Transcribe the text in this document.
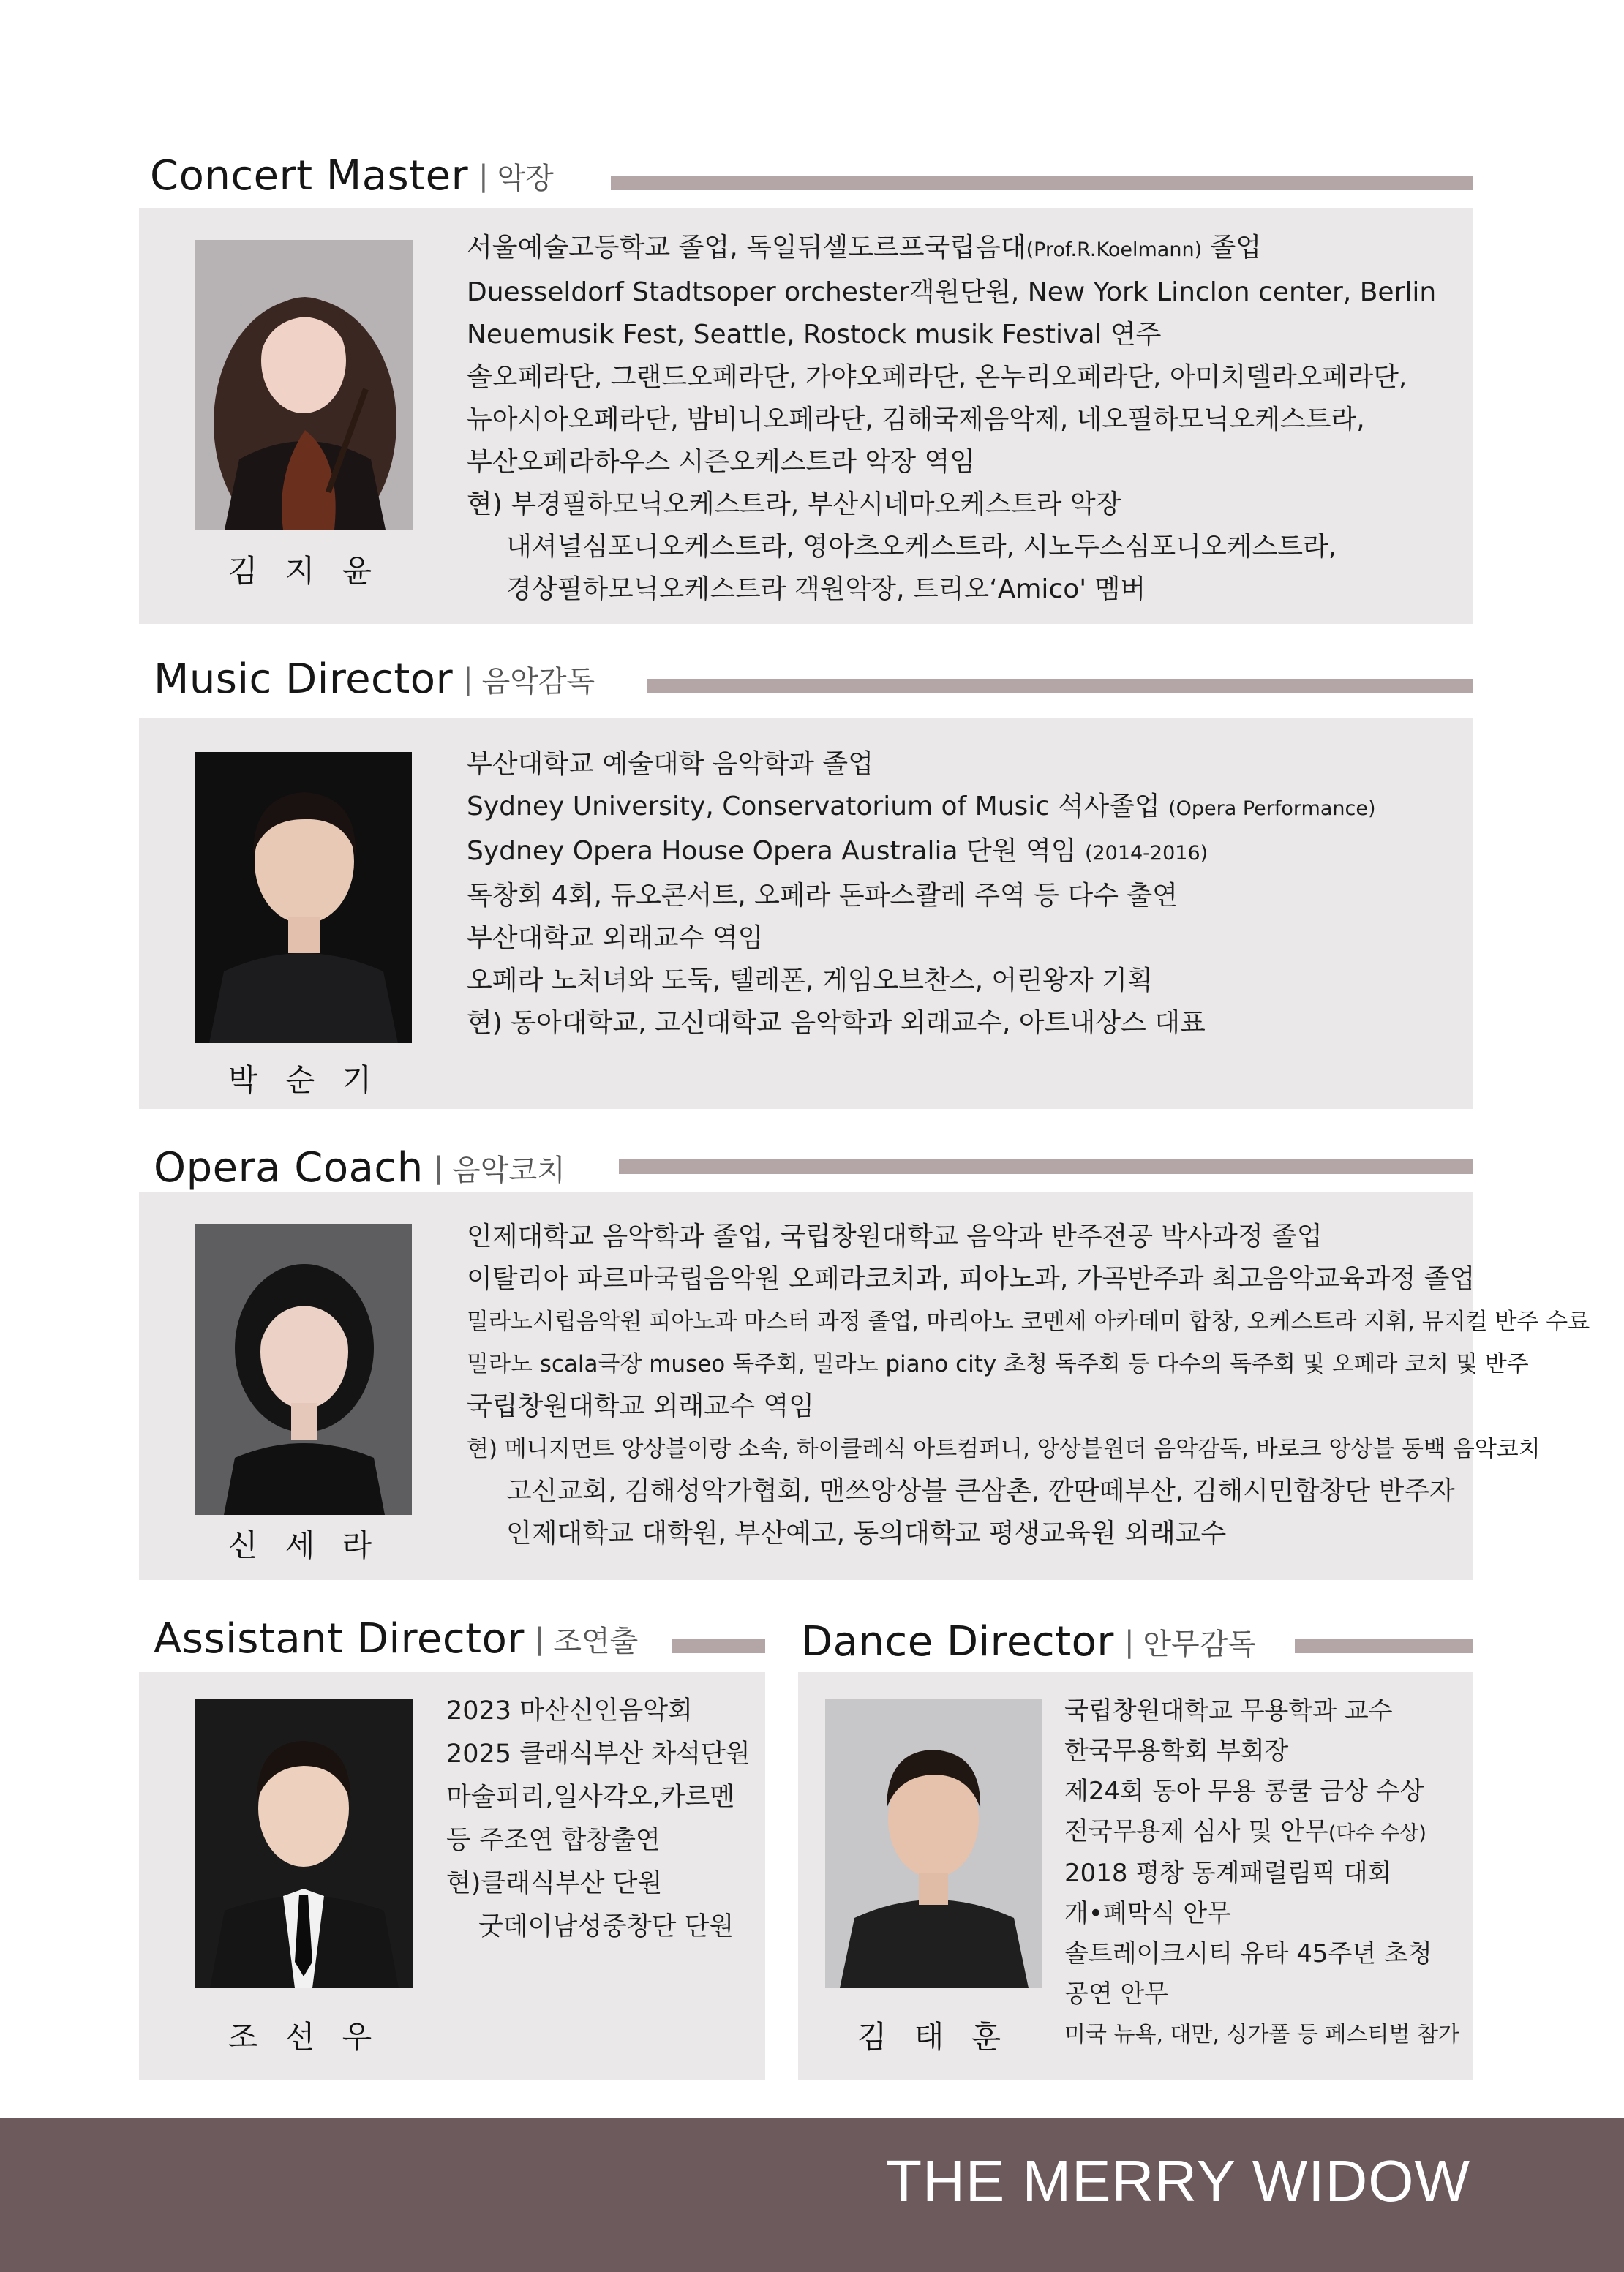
Concert Master | 악장
김 지 윤
서울예술고등학교 졸업, 독일뒤셀도르프국립음대(Prof.R.Koelmann) 졸업
Duesseldorf Stadtsoper orchester객원단원, New York Linclon center, Berlin
Neuemusik Fest, Seattle, Rostock musik Festival 연주
솔오페라단, 그랜드오페라단, 가야오페라단, 온누리오페라단, 아미치델라오페라단,
뉴아시아오페라단, 밤비니오페라단, 김해국제음악제, 네오필하모닉오케스트라,
부산오페라하우스 시즌오케스트라 악장 역임
현) 부경필하모닉오케스트라, 부산시네마오케스트라 악장
내셔널심포니오케스트라, 영아츠오케스트라, 시노두스심포니오케스트라,
경상필하모닉오케스트라 객원악장, 트리오‘Amico' 멤버
Music Director | 음악감독
박 순 기
부산대학교 예술대학 음악학과 졸업
Sydney University, Conservatorium of Music 석사졸업 (Opera Performance)
Sydney Opera House Opera Australia 단원 역임 (2014-2016)
독창회 4회, 듀오콘서트, 오페라 돈파스콸레 주역 등 다수 출연
부산대학교 외래교수 역임
오페라 노처녀와 도둑, 텔레폰, 게임오브찬스, 어린왕자 기획
현) 동아대학교, 고신대학교 음악학과 외래교수, 아트내상스 대표
Opera Coach | 음악코치
신 세 라
인제대학교 음악학과 졸업, 국립창원대학교 음악과 반주전공 박사과정 졸업
이탈리아 파르마국립음악원 오페라코치과, 피아노과, 가곡반주과 최고음악교육과정 졸업
밀라노시립음악원 피아노과 마스터 과정 졸업, 마리아노 코멘세 아카데미 합창, 오케스트라 지휘, 뮤지컬 반주 수료
밀라노 scala극장 museo 독주회, 밀라노 piano city 초청 독주회 등 다수의 독주회 및 오페라 코치 및 반주
국립창원대학교 외래교수 역임
현) 메니지먼트 앙상블이랑 소속, 하이클레식 아트컴퍼니, 앙상블원더 음악감독, 바로크 앙상블 동백 음악코치
고신교회, 김해성악가협회, 맨쓰앙상블 큰삼촌, 깐딴떼부산, 김해시민합창단 반주자
인제대학교 대학원, 부산예고, 동의대학교 평생교육원 외래교수
Assistant Director | 조연출
조 선 우
2023 마산신인음악회
2025 클래식부산 차석단원
마술피리,일사각오,카르멘
등 주조연 합창출연
현)클래식부산 단원
굿데이남성중창단 단원
Dance Director | 안무감독
김 태 훈
국립창원대학교 무용학과 교수
한국무용학회 부회장
제24회 동아 무용 콩쿨 금상 수상
전국무용제 심사 및 안무(다수 수상)
2018 평창 동계패럴림픽 대회
개•폐막식 안무
솔트레이크시티 유타 45주년 초청
공연 안무
미국 뉴욕, 대만, 싱가폴 등 페스티벌 참가
THE MERRY WIDOW
